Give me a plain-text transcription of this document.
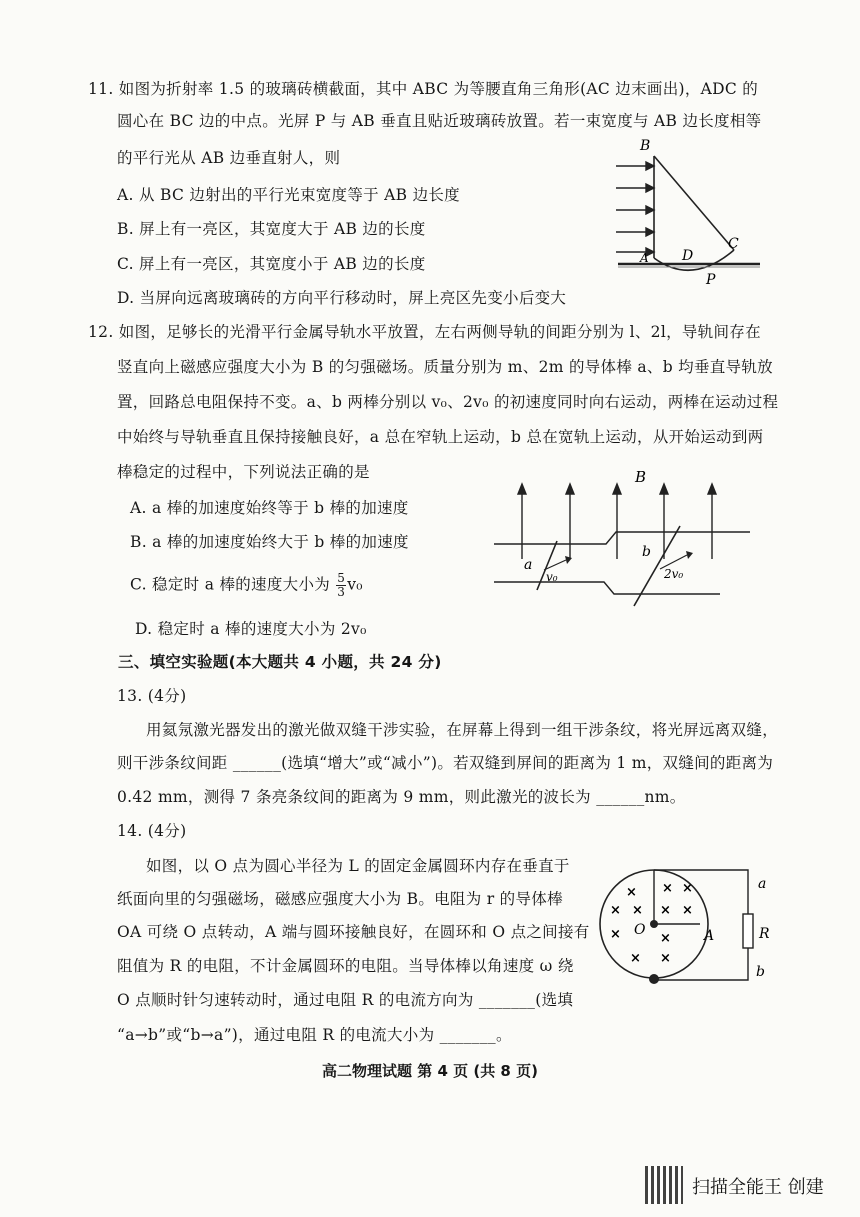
11. 如图为折射率 1.5 的玻璃砖横截面，其中 ABC 为等腰直角三角形(AC 边末画出)，ADC 的
圆心在 BC 边的中点。光屏 P 与 AB 垂直且贴近玻璃砖放置。若一束宽度与 AB 边长度相等
的平行光从 AB 边垂直射人，则
A. 从 BC 边射出的平行光束宽度等于 AB 边长度
B. 屏上有一亮区，其宽度大于 AB 边的长度
C. 屏上有一亮区，其宽度小于 AB 边的长度
D. 当屏向远离玻璃砖的方向平行移动时，屏上亮区先变小后变大
B
A D
C
P
12. 如图，足够长的光滑平行金属导轨水平放置，左右两侧导轨的间距分别为 l、2l，导轨间存在
竖直向上磁感应强度大小为 B 的匀强磁场。质量分别为 m、2m 的导体棒 a、b 均垂直导轨放
置，回路总电阻保持不变。a、b 两棒分别以 v₀、2v₀ 的初速度同时向右运动，两棒在运动过程
中始终与导轨垂直且保持接触良好，a 总在窄轨上运动，b 总在宽轨上运动，从开始运动到两
棒稳定的过程中，下列说法正确的是
A. a 棒的加速度始终等于 b 棒的加速度
B. a 棒的加速度始终大于 b 棒的加速度
C. 稳定时 a 棒的速度大小为 $\frac{5}{3} v_0$
D. 稳定时 a 棒的速度大小为 2v₀
B
a
v₀
b
2v₀
三、填空实验题(本大题共 4 小题，共 24 分)
13. (4分)
用氦氖激光器发出的激光做双缝干涉实验，在屏幕上得到一组干涉条纹，将光屏远离双缝，
则干涉条纹间距 ______(选填“增大”或“减小”)。若双缝到屏间的距离为 1 m，双缝间的距离为
0.42 mm，测得 7 条亮条纹间的距离为 9 mm，则此激光的波长为 ______nm。
14. (4分)
如图，以 O 点为圆心半径为 L 的固定金属圆环内存在垂直于
纸面向里的匀强磁场，磁感应强度大小为 B。电阻为 r 的导体棒
OA 可绕 O 点转动，A 端与圆环接触良好，在圆环和 O 点之间接有
阻值为 R 的电阻，不计金属圆环的电阻。当导体棒以角速度 ω 绕
O 点顺时针匀速转动时，通过电阻 R 的电流方向为 _______(选填
“a→b”或“b→a”)，通过电阻 R 的电流大小为 _______。
× × ×
× × × ×
×	×
× ×
a
R
b
O	A
高二物理试题 第 4 页 (共 8 页)
扫描全能王 创建
